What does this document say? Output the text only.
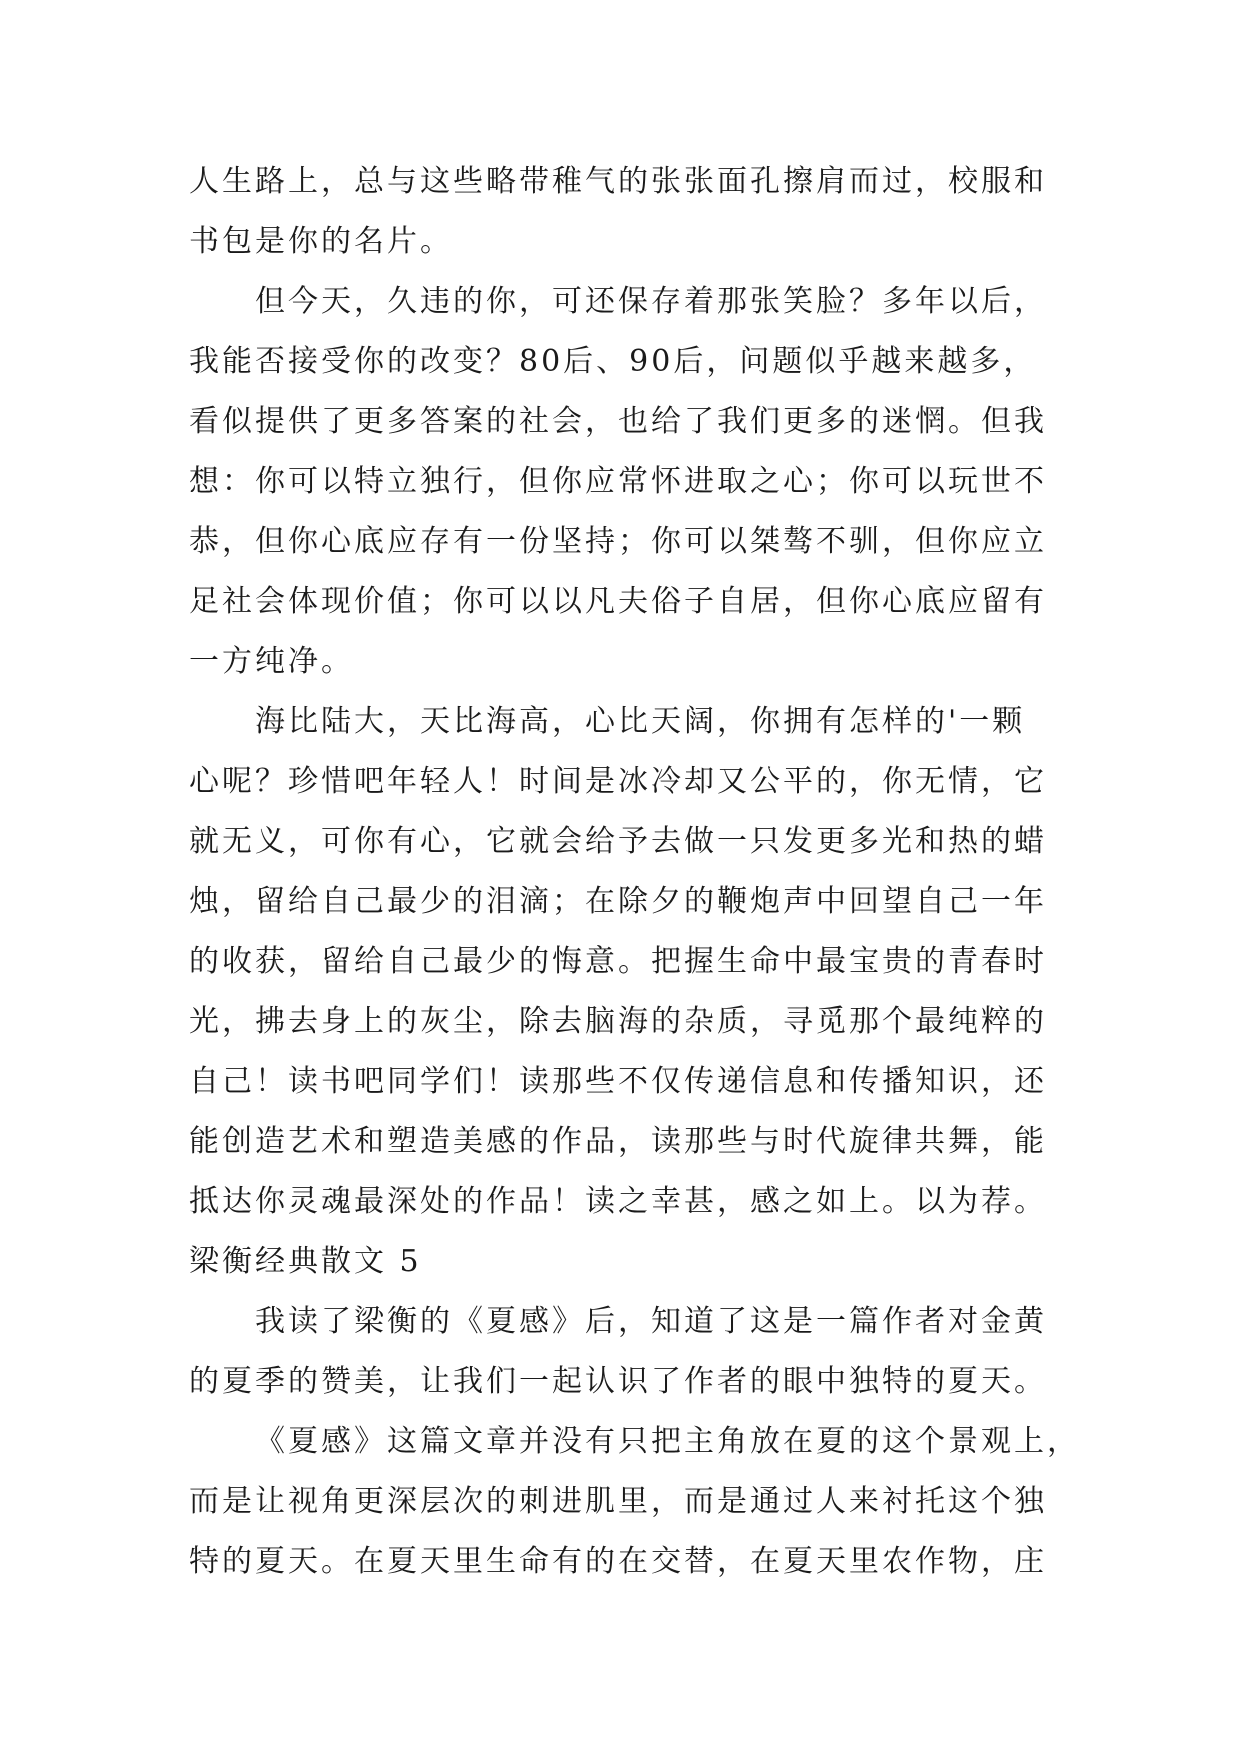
人生路上，总与这些略带稚气的张张面孔擦肩而过，校服和
书包是你的名片。
但今天，久违的你，可还保存着那张笑脸？多年以后，
我能否接受你的改变？80后、90后，问题似乎越来越多，
看似提供了更多答案的社会，也给了我们更多的迷惘。但我
想：你可以特立独行，但你应常怀进取之心；你可以玩世不
恭，但你心底应存有一份坚持；你可以桀骜不驯，但你应立
足社会体现价值；你可以以凡夫俗子自居，但你心底应留有
一方纯净。
海比陆大，天比海高，心比天阔，你拥有怎样的'一颗
心呢？珍惜吧年轻人！时间是冰冷却又公平的，你无情，它
就无义，可你有心，它就会给予去做一只发更多光和热的蜡
烛，留给自己最少的泪滴；在除夕的鞭炮声中回望自己一年
的收获，留给自己最少的悔意。把握生命中最宝贵的青春时
光，拂去身上的灰尘，除去脑海的杂质，寻觅那个最纯粹的
自己！读书吧同学们！读那些不仅传递信息和传播知识，还
能创造艺术和塑造美感的作品，读那些与时代旋律共舞，能
抵达你灵魂最深处的作品！读之幸甚，感之如上。以为荐。
梁衡经典散文 5
我读了梁衡的《夏感》后，知道了这是一篇作者对金黄
的夏季的赞美，让我们一起认识了作者的眼中独特的夏天。
《夏感》这篇文章并没有只把主角放在夏的这个景观上，
而是让视角更深层次的刺进肌里，而是通过人来衬托这个独
特的夏天。在夏天里生命有的在交替，在夏天里农作物，庄
